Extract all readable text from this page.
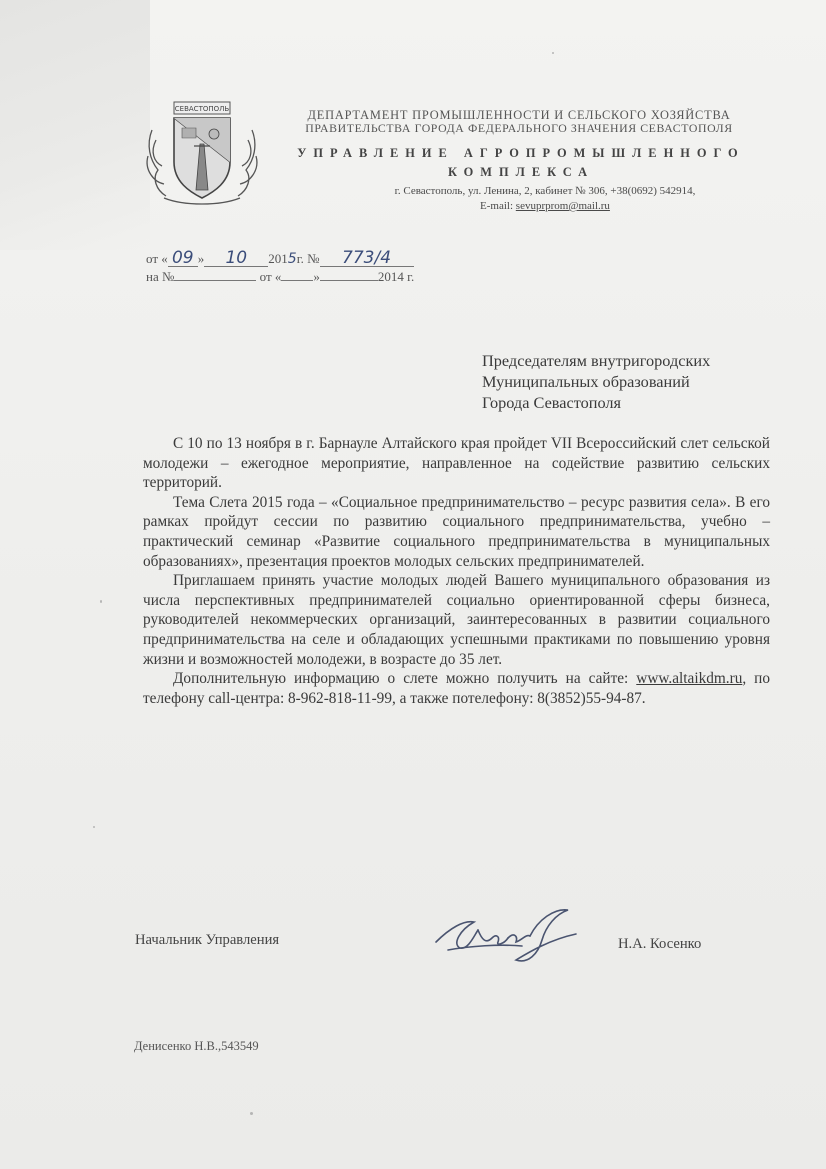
СЕВАСТОПОЛЬ	ДЕПАРТАМЕНТ ПРОМЫШЛЕННОСТИ И СЕЛЬСКОГО ХОЗЯЙСТВА
ПРАВИТЕЛЬСТВА ГОРОДА ФЕДЕРАЛЬНОГО ЗНАЧЕНИЯ СЕВАСТОПОЛЯ
УПРАВЛЕНИЕ АГРОПРОМЫШЛЕННОГО КОМПЛЕКСА
г. Севастополь, ул. Ленина, 2, кабинет № 306, +38(0692) 542914,
E-mail: sevuprprom@mail.ru
от « 09 » 10 2015г. № 773/4
на №	от « »	2014 г.
Председателям внутригородских
Муниципальных образований
Города Севастополя

С 10 по 13 ноября в г. Барнауле Алтайского края пройдет VII Всероссийский слет сельской молодежи – ежегодное мероприятие, направленное на содействие развитию сельских территорий.

Тема Слета 2015 года – «Социальное предпринимательство – ресурс развития села». В его рамках пройдут сессии по развитию социального предпринимательства, учебно – практический семинар «Развитие социального предпринимательства в муниципальных образованиях», презентация проектов молодых сельских предпринимателей.

Приглашаем принять участие молодых людей Вашего муниципального образования из числа перспективных предпринимателей социально ориентированной сферы бизнеса, руководителей некоммерческих организаций, заинтересованных в развитии социального предпринимательства на селе и обладающих успешными практиками по повышению уровня жизни и возможностей молодежи, в возрасте до 35 лет.

Дополнительную информацию о слете можно получить на сайте: www.altaikdm.ru, по телефону call-центра: 8-962-818-11-99, а также потелефону: 8(3852)55-94-87.

Начальник Управления	Н.А. Косенко
Денисенко Н.В.,543549
